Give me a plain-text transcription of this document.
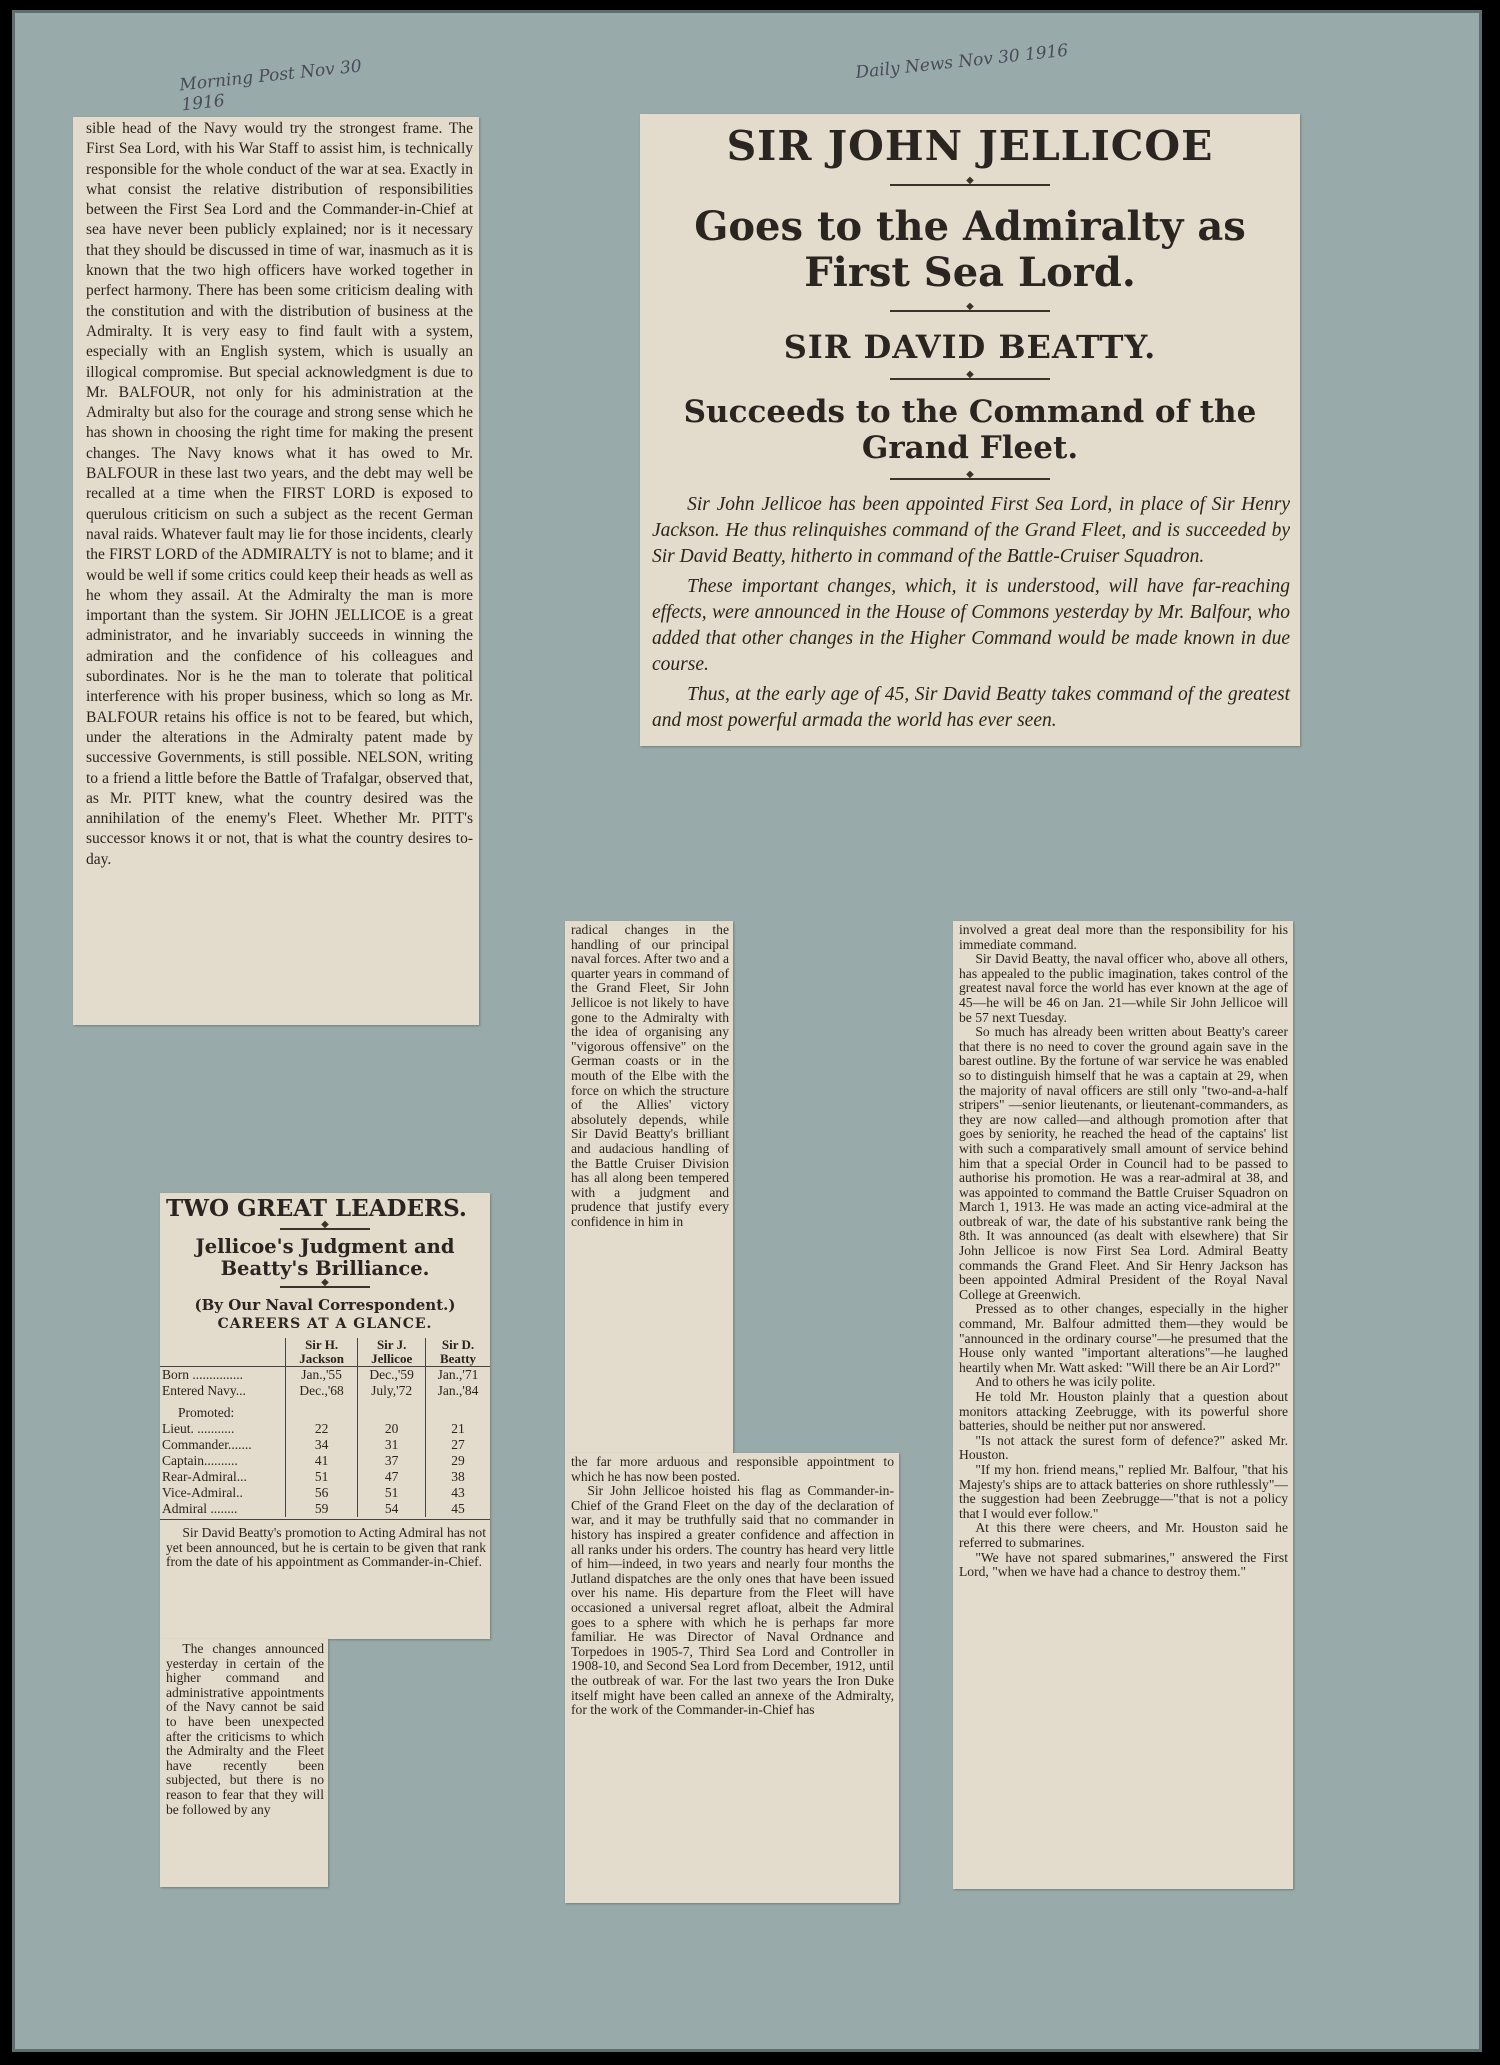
Morning Post Nov 30 1916
Daily News Nov 30 1916

sible head of the Navy would try the strongest frame. The First Sea Lord, with his War Staff to assist him, is technically responsible for the whole conduct of the war at sea. Exactly in what consist the relative distribution of responsibilities between the First Sea Lord and the Commander-in-Chief at sea have never been publicly explained; nor is it necessary that they should be discussed in time of war, inasmuch as it is known that the two high officers have worked together in perfect harmony. There has been some criticism dealing with the constitution and with the distribution of business at the Admiralty. It is very easy to find fault with a system, especially with an English system, which is usually an illogical compromise. But special acknowledgment is due to Mr. BALFOUR, not only for his administration at the Admiralty but also for the courage and strong sense which he has shown in choosing the right time for making the present changes. The Navy knows what it has owed to Mr. BALFOUR in these last two years, and the debt may well be recalled at a time when the FIRST LORD is exposed to querulous criticism on such a subject as the recent German naval raids. Whatever fault may lie for those incidents, clearly the FIRST LORD of the ADMIRALTY is not to blame; and it would be well if some critics could keep their heads as well as he whom they assail. At the Admiralty the man is more important than the system. Sir JOHN JELLICOE is a great administrator, and he invariably succeeds in winning the admiration and the confidence of his colleagues and subordinates. Nor is he the man to tolerate that political interference with his proper business, which so long as Mr. BALFOUR retains his office is not to be feared, but which, under the alterations in the Admiralty patent made by successive Governments, is still possible. NELSON, writing to a friend a little before the Battle of Trafalgar, observed that, as Mr. PITT knew, what the country desired was the annihilation of the enemy's Fleet. Whether Mr. PITT's successor knows it or not, that is what the country desires to-day.

SIR JOHN JELLICOE
◆
Goes to the Admiralty as First Sea Lord.
◆
SIR DAVID BEATTY.
◆
Succeeds to the Command of the Grand Fleet.
◆

Sir John Jellicoe has been appointed First Sea Lord, in place of Sir Henry Jackson. He thus relinquishes command of the Grand Fleet, and is succeeded by Sir David Beatty, hitherto in command of the Battle-Cruiser Squadron.

These important changes, which, it is understood, will have far-reaching effects, were announced in the House of Commons yesterday by Mr. Balfour, who added that other changes in the Higher Command would be made known in due course.

Thus, at the early age of 45, Sir David Beatty takes command of the greatest and most powerful armada the world has ever seen.

TWO GREAT LEADERS.
◆
Jellicoe's Judgment and Beatty's Brilliance.
◆
(By Our Naval Correspondent.)
CAREERS AT A GLANCE.
	Sir H. Jackson	Sir J. Jellicoe	Sir D. Beatty
Born ...............	Jan.,'55	Dec.,'59	Jan.,'71
Entered Navy...	Dec.,'68	July,'72	Jan.,'84
Promoted:			
Lieut. ...........	22	20	21
Commander.......	34	31	27
Captain..........	41	37	29
Rear-Admiral...	51	47	38
Vice-Admiral..	56	51	43
Admiral ........	59	54	45

Sir David Beatty's promotion to Acting Admiral has not yet been announced, but he is certain to be given that rank from the date of his appointment as Commander-in-Chief.

The changes announced yesterday in certain of the higher command and administrative appointments of the Navy cannot be said to have been unexpected after the criticisms to which the Admiralty and the Fleet have recently been subjected, but there is no reason to fear that they will be followed by any

radical changes in the handling of our principal naval forces. After two and a quarter years in command of the Grand Fleet, Sir John Jellicoe is not likely to have gone to the Admiralty with the idea of organising any "vigorous offensive" on the German coasts or in the mouth of the Elbe with the force on which the structure of the Allies' victory absolutely depends, while Sir David Beatty's brilliant and audacious handling of the Battle Cruiser Division has all along been tempered with a judgment and prudence that justify every confidence in him in

the far more arduous and responsible appointment to which he has now been posted.

Sir John Jellicoe hoisted his flag as Commander-in-Chief of the Grand Fleet on the day of the declaration of war, and it may be truthfully said that no commander in history has inspired a greater confidence and affection in all ranks under his orders. The country has heard very little of him—indeed, in two years and nearly four months the Jutland dispatches are the only ones that have been issued over his name. His departure from the Fleet will have occasioned a universal regret afloat, albeit the Admiral goes to a sphere with which he is perhaps far more familiar. He was Director of Naval Ordnance and Torpedoes in 1905-7, Third Sea Lord and Controller in 1908-10, and Second Sea Lord from December, 1912, until the outbreak of war. For the last two years the Iron Duke itself might have been called an annexe of the Admiralty, for the work of the Commander-in-Chief has

involved a great deal more than the responsibility for his immediate command.

Sir David Beatty, the naval officer who, above all others, has appealed to the public imagination, takes control of the greatest naval force the world has ever known at the age of 45—he will be 46 on Jan. 21—while Sir John Jellicoe will be 57 next Tuesday.

So much has already been written about Beatty's career that there is no need to cover the ground again save in the barest outline. By the fortune of war service he was enabled so to distinguish himself that he was a captain at 29, when the majority of naval officers are still only "two-and-a-half stripers" —senior lieutenants, or lieutenant-commanders, as they are now called—and although promotion after that goes by seniority, he reached the head of the captains' list with such a comparatively small amount of service behind him that a special Order in Council had to be passed to authorise his promotion. He was a rear-admiral at 38, and was appointed to command the Battle Cruiser Squadron on March 1, 1913. He was made an acting vice-admiral at the outbreak of war, the date of his substantive rank being the 8th. It was announced (as dealt with elsewhere) that Sir John Jellicoe is now First Sea Lord. Admiral Beatty commands the Grand Fleet. And Sir Henry Jackson has been appointed Admiral President of the Royal Naval College at Greenwich.

Pressed as to other changes, especially in the higher command, Mr. Balfour admitted them—they would be "announced in the ordinary course"—he presumed that the House only wanted "important alterations"—he laughed heartily when Mr. Watt asked: "Will there be an Air Lord?"

And to others he was icily polite.

He told Mr. Houston plainly that a question about monitors attacking Zeebrugge, with its powerful shore batteries, should be neither put nor answered.

"Is not attack the surest form of defence?" asked Mr. Houston.

"If my hon. friend means," replied Mr. Balfour, "that his Majesty's ships are to attack batteries on shore ruthlessly"—the suggestion had been Zeebrugge—"that is not a policy that I would ever follow."

At this there were cheers, and Mr. Houston said he referred to submarines.

"We have not spared submarines," answered the First Lord, "when we have had a chance to destroy them."
